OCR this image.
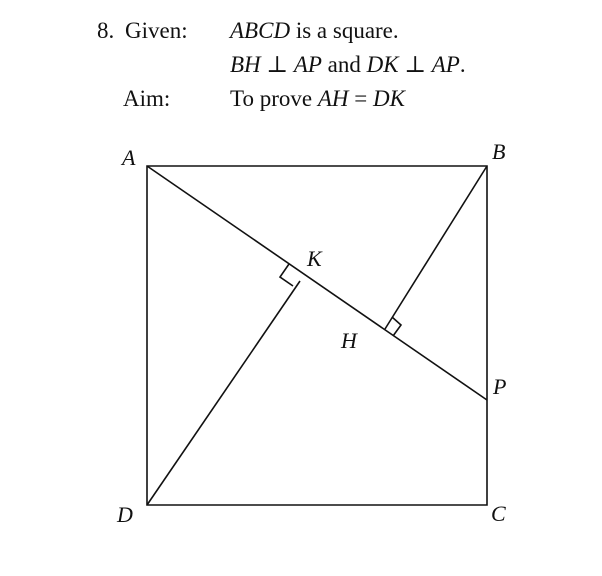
8. Given: ABCD is a square.
BH ⊥ AP and DK ⊥ AP.
Aim:	To prove AH = DK
A	B
C
D
K
H
P
